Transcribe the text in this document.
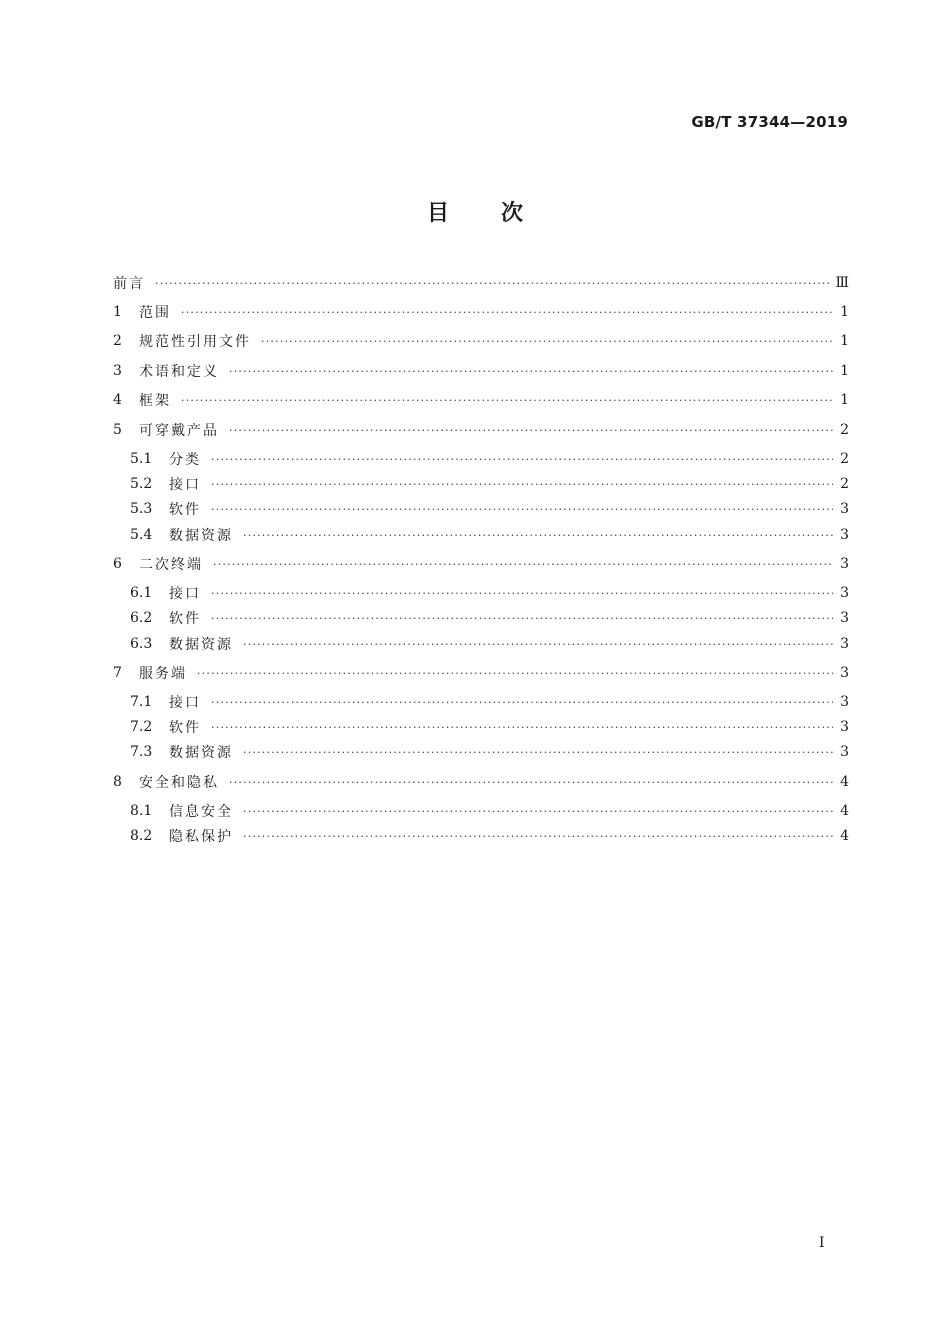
GB/T 37344—2019
目次
前言 ·····	Ⅲ
1	范围 ·····	1
2	规范性引用文件 ·····	1
3	术语和定义 ·····	1
4	框架 ·····	1
5	可穿戴产品 ·····	2
5.1	分类 ·····	2
5.2	接口 ·····	2
5.3	软件 ·····	3
5.4	数据资源 ·····	3
6	二次终端 ·····	3
6.1	接口 ·····	3
6.2	软件 ·····	3
6.3	数据资源 ·····	3
7	服务端 ·····	3
7.1	接口 ·····	3
7.2	软件 ·····	3
7.3	数据资源 ·····	3
8	安全和隐私 ·····	4
8.1	信息安全 ·····	4
8.2	隐私保护 ·····	4
I
